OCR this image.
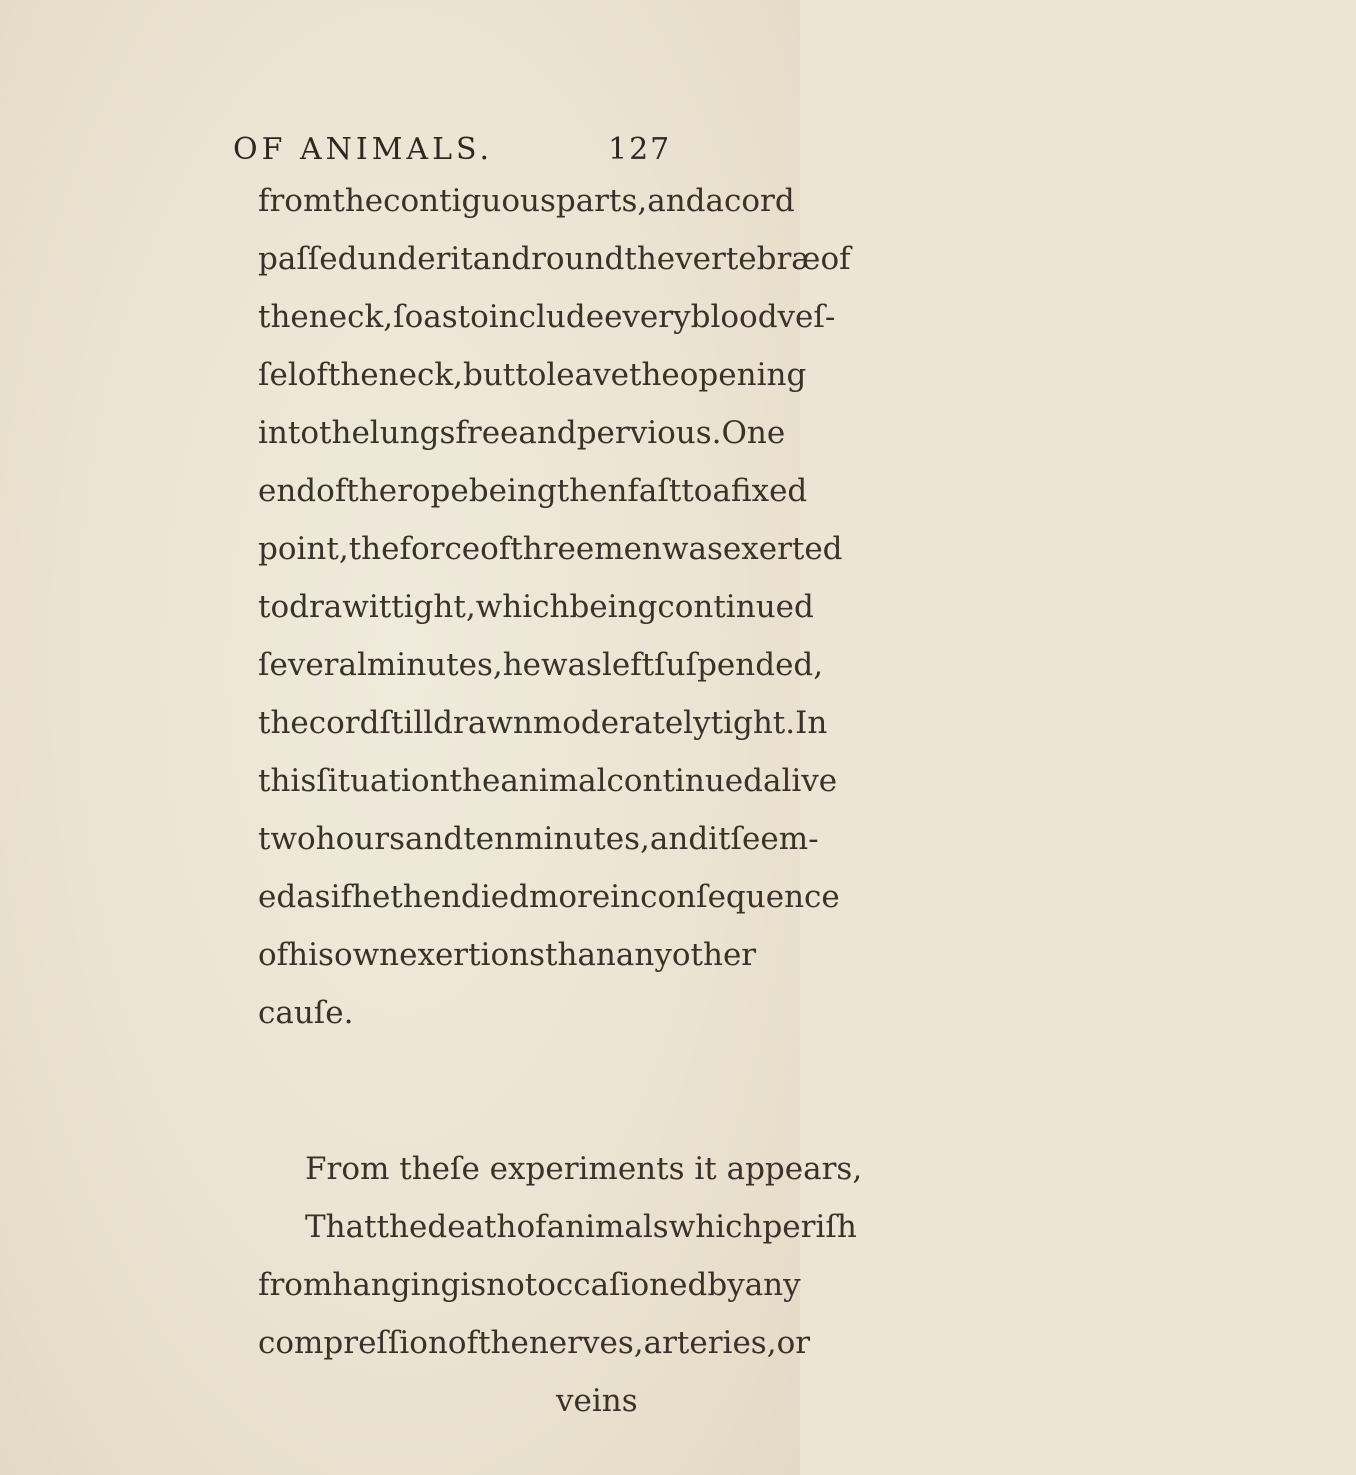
OF ANIMALS.	127
from the contiguous parts, and a cord
paſſed under it and round the vertebræ of
the neck, ſo as to include every blood veſ-
ſel of the neck, but to leave the opening
into the lungs free and pervious. One
end of the rope being then faſt to a fixed
point, the force of three men was exerted
to draw it tight, which being continued
ſeveral minutes, he was left ſuſpended,
the cord ſtill drawn moderately tight. In
this ſituation the animal continued alive
two hours and ten minutes, and it ſeem-
ed as if he then died more in conſequence
of his own exertions than any other
cauſe.
From theſe experiments it appears,
That the death of animals which periſh
from hanging is not occaſioned by any
compreſſion of the nerves, arteries, or
veins
